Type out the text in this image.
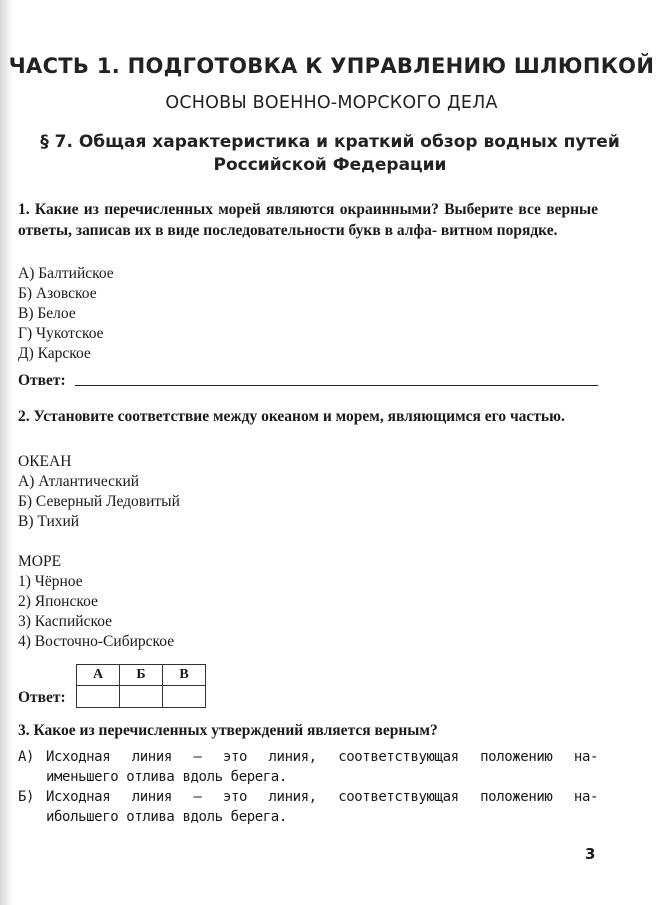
ЧАСТЬ 1. ПОДГОТОВКА К УПРАВЛЕНИЮ ШЛЮПКОЙ
ОСНОВЫ ВОЕННО-МОРСКОГО ДЕЛА
§ 7. Общая характеристика и краткий обзор водных путей
Российской Федерации
1. Какие из перечисленных морей являются окраинными? Выберите все верные ответы, записав их в виде последовательности букв в алфа- витном порядке.
А) Балтийское
Б) Азовское
В) Белое
Г) Чукотское
Д) Карское
Ответ:
2. Установите соответствие между океаном и морем, являющимся его частью.
ОКЕАН
А) Атлантический
Б) Северный Ледовитый
В) Тихий
МОРЕ
1) Чёрное
2) Японское
3) Каспийское
4) Восточно-Сибирское
А	Б	В

Ответ:
3. Какое из перечисленных утверждений является верным?
А) Исходная линия — это линия, соответствующая положению на-
именьшего отлива вдоль берега.
Б) Исходная линия — это линия, соответствующая положению на-
ибольшего отлива вдоль берега.
3
